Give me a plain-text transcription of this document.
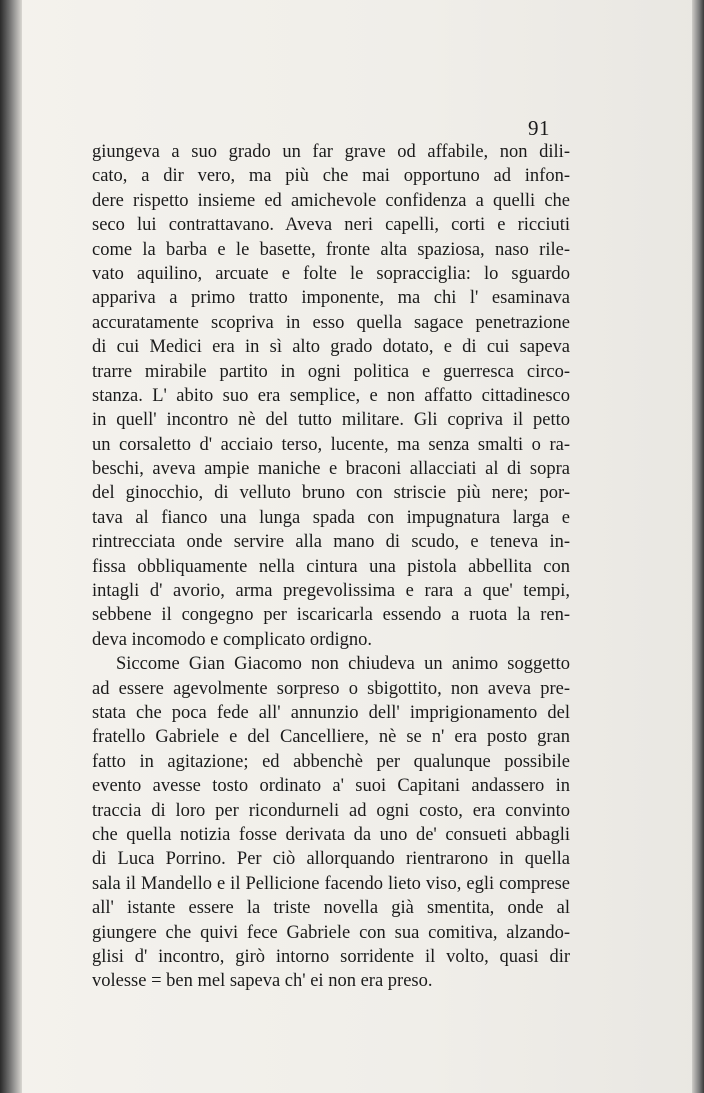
91
giungeva a suo grado un far grave od affabile, non dili-
cato, a dir vero, ma più che mai opportuno ad infon-
dere rispetto insieme ed amichevole confidenza a quelli che
seco lui contrattavano. Aveva neri capelli, corti e ricciuti
come la barba e le basette, fronte alta spaziosa, naso rile-
vato aquilino, arcuate e folte le sopracciglia: lo sguardo
appariva a primo tratto imponente, ma chi l' esaminava
accuratamente scopriva in esso quella sagace penetrazione
di cui Medici era in sì alto grado dotato, e di cui sapeva
trarre mirabile partito in ogni politica e guerresca circo-
stanza. L' abito suo era semplice, e non affatto cittadinesco
in quell' incontro nè del tutto militare. Gli copriva il petto
un corsaletto d' acciaio terso, lucente, ma senza smalti o ra-
beschi, aveva ampie maniche e braconi allacciati al di sopra
del ginocchio, di velluto bruno con striscie più nere; por-
tava al fianco una lunga spada con impugnatura larga e
rintrecciata onde servire alla mano di scudo, e teneva in-
fissa obbliquamente nella cintura una pistola abbellita con
intagli d' avorio, arma pregevolissima e rara a que' tempi,
sebbene il congegno per iscaricarla essendo a ruota la ren-
deva incomodo e complicato ordigno.
Siccome Gian Giacomo non chiudeva un animo soggetto
ad essere agevolmente sorpreso o sbigottito, non aveva pre-
stata che poca fede all' annunzio dell' imprigionamento del
fratello Gabriele e del Cancelliere, nè se n' era posto gran
fatto in agitazione; ed abbenchè per qualunque possibile
evento avesse tosto ordinato a' suoi Capitani andassero in
traccia di loro per ricondurneli ad ogni costo, era convinto
che quella notizia fosse derivata da uno de' consueti abbagli
di Luca Porrino. Per ciò allorquando rientrarono in quella
sala il Mandello e il Pellicione facendo lieto viso, egli comprese
all' istante essere la triste novella già smentita, onde al
giungere che quivi fece Gabriele con sua comitiva, alzando-
glisi d' incontro, girò intorno sorridente il volto, quasi dir
volesse = ben mel sapeva ch' ei non era preso.
